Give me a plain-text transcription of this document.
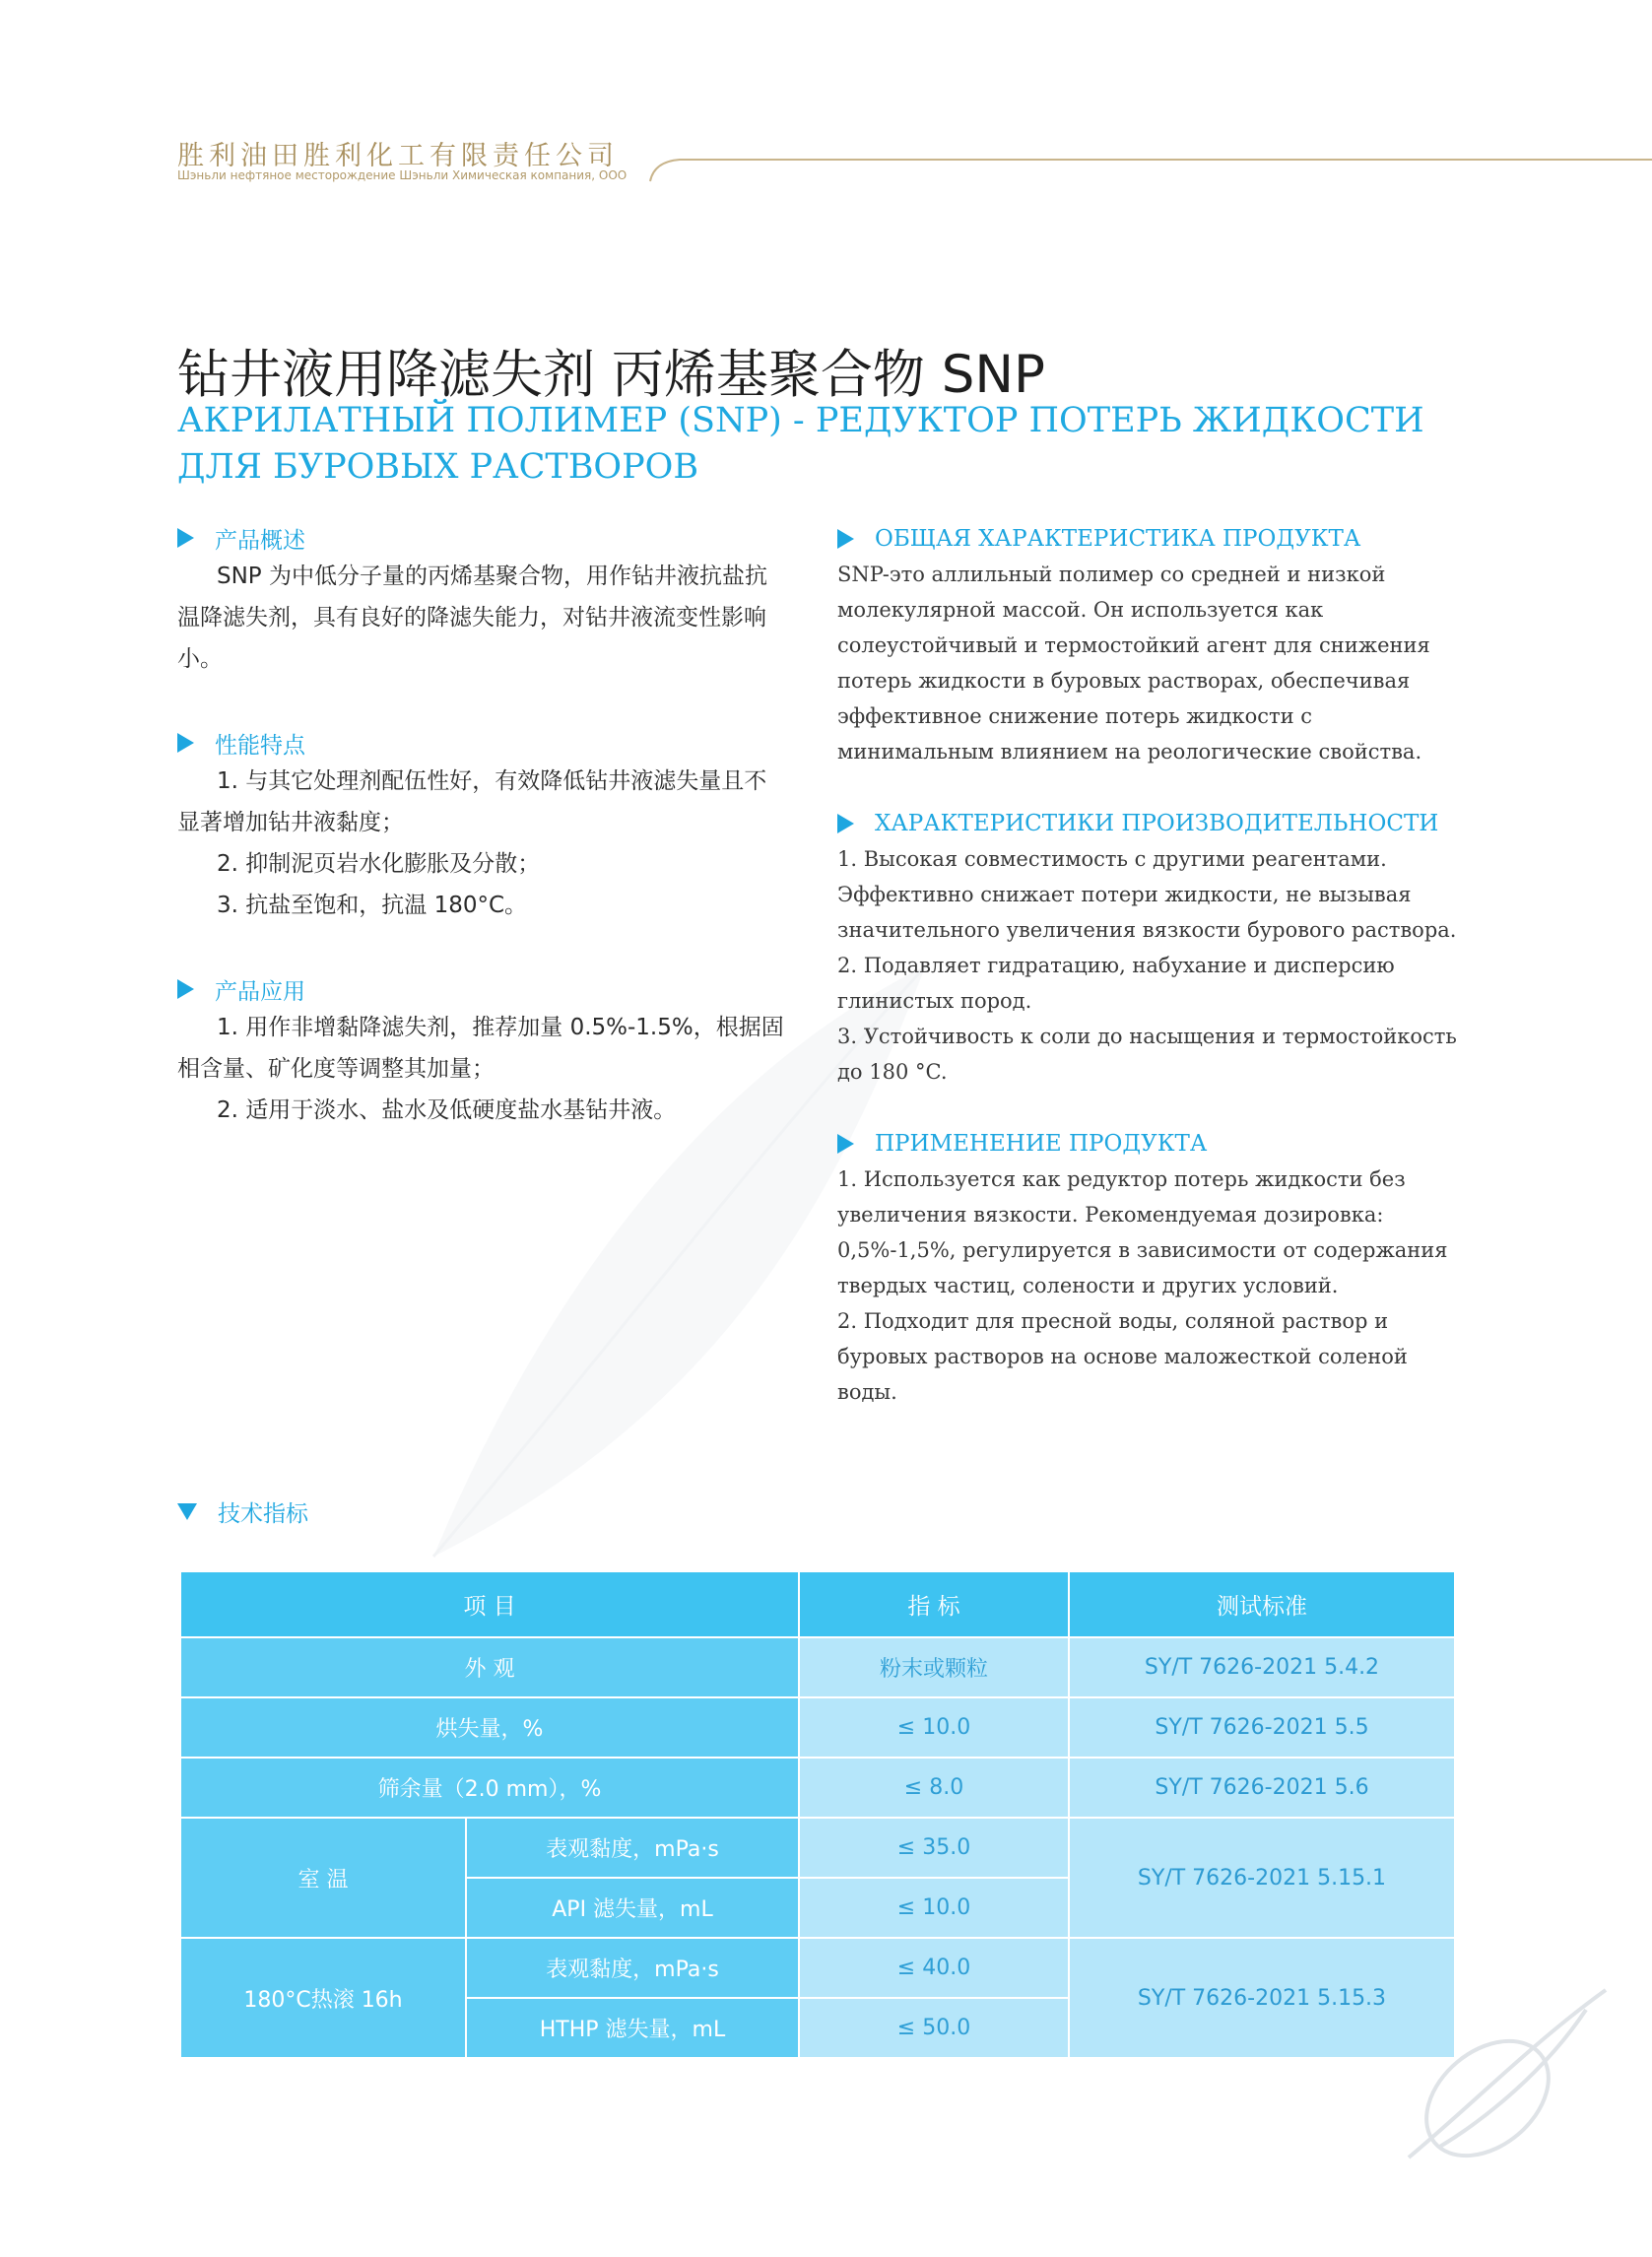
胜利油田胜利化工有限责任公司
Шэньли нефтяное месторождение Шэньли Химическая компания, ООО
钻井液用降滤失剂 丙烯基聚合物 SNP
АКРИЛАТНЫЙ ПОЛИМЕР (SNP) - РЕДУКТОР ПОТЕРЬ ЖИДКОСТИ ДЛЯ БУРОВЫХ РАСТВОРОВ
产品概述

SNP 为中低分子量的丙烯基聚合物，用作钻井液抗盐抗温降滤失剂，具有良好的降滤失能力，对钻井液流变性影响小。

性能特点

1. 与其它处理剂配伍性好，有效降低钻井液滤失量且不显著增加钻井液黏度；

2. 抑制泥页岩水化膨胀及分散；

3. 抗盐至饱和，抗温 180°C。

产品应用

1. 用作非增黏降滤失剂，推荐加量 0.5%-1.5%，根据固相含量、矿化度等调整其加量；

2. 适用于淡水、盐水及低硬度盐水基钻井液。

ОБЩАЯ ХАРАКТЕРИСТИКА ПРОДУКТА

SNP-это аллильный полимер со средней и низкой молекулярной массой. Он используется как солеустойчивый и термостойкий агент для снижения потерь жидкости в буровых растворах, обеспечивая эффективное снижение потерь жидкости с минимальным влиянием на реологические свойства.

ХАРАКТЕРИСТИКИ ПРОИЗВОДИТЕЛЬНОСТИ

1. Высокая совместимость с другими реагентами. Эффективно снижает потери жидкости, не вызывая значительного увеличения вязкости бурового раствора.

2. Подавляет гидратацию, набухание и дисперсию глинистых пород.

3. Устойчивость к соли до насыщения и термостойкость до 180 °C.

ПРИМЕНЕНИЕ ПРОДУКТА

1. Используется как редуктор потерь жидкости без увеличения вязкости. Рекомендуемая дозировка: 0,5%-1,5%, регулируется в зависимости от содержания твердых частиц, солености и других условий.

2. Подходит для пресной воды, соляной раствор и буровых растворов на основе маложесткой соленой воды.

技术指标
项 目		指 标	测试标准
外 观		粉末或颗粒	SY/T 7626-2021 5.4.2
烘失量，%		≤ 10.0	SY/T 7626-2021 5.5
筛余量（2.0 mm），%		≤ 8.0	SY/T 7626-2021 5.6
室 温	表观黏度，mPa·s	≤ 35.0	SY/T 7626-2021 5.15.1
	API 滤失量，mL	≤ 10.0	
180°C热滚 16h	表观黏度，mPa·s	≤ 40.0	SY/T 7626-2021 5.15.3
	HTHP 滤失量，mL	≤ 50.0	
